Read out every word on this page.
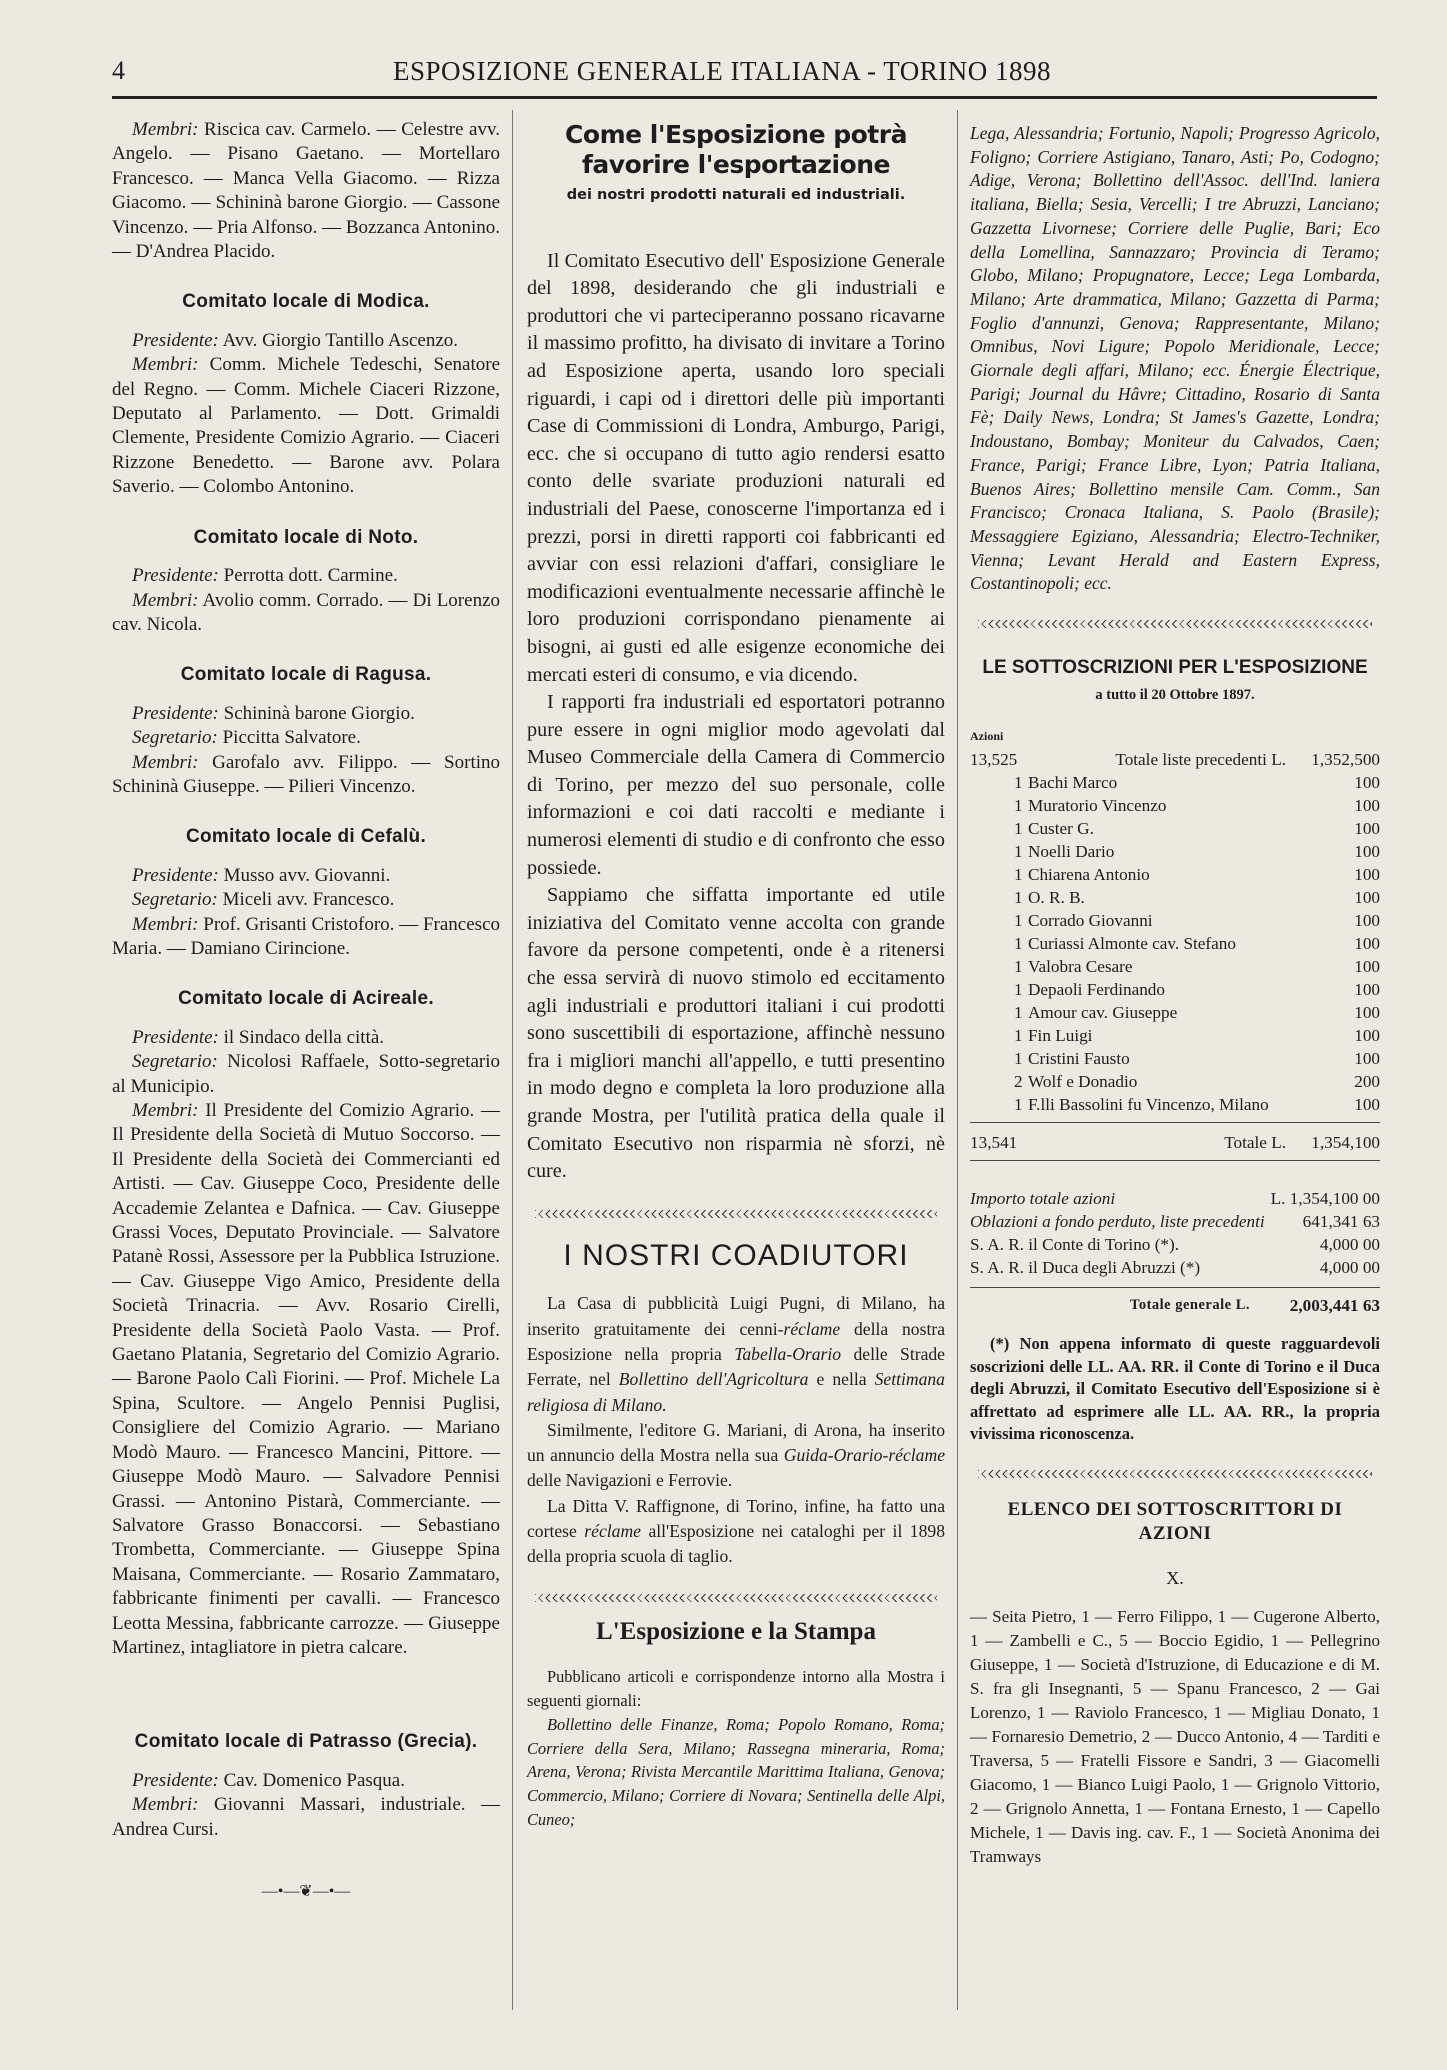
4	ESPOSIZIONE GENERALE ITALIANA - TORINO 1898

Membri: Riscica cav. Carmelo. — Celestre avv. Angelo. — Pisano Gaetano. — Mortellaro Francesco. — Manca Vella Giacomo. — Rizza Giacomo. — Schininà barone Giorgio. — Cassone Vincenzo. — Pria Alfonso. — Bozzanca Antonino. — D'Andrea Placido.

Comitato locale di Modica.

Presidente: Avv. Giorgio Tantillo Ascenzo.

Membri: Comm. Michele Tedeschi, Senatore del Regno. — Comm. Michele Ciaceri Rizzone, Deputato al Parlamento. — Dott. Grimaldi Clemente, Presidente Comizio Agrario. — Ciaceri Rizzone Benedetto. — Barone avv. Polara Saverio. — Colombo Antonino.

Comitato locale di Noto.

Presidente: Perrotta dott. Carmine.

Membri: Avolio comm. Corrado. — Di Lorenzo cav. Nicola.

Comitato locale di Ragusa.

Presidente: Schininà barone Giorgio.

Segretario: Piccitta Salvatore.

Membri: Garofalo avv. Filippo. — Sortino Schininà Giuseppe. — Pilieri Vincenzo.

Comitato locale di Cefalù.

Presidente: Musso avv. Giovanni.

Segretario: Miceli avv. Francesco.

Membri: Prof. Grisanti Cristoforo. — Francesco Maria. — Damiano Cirincione.

Comitato locale di Acireale.

Presidente: il Sindaco della città.

Segretario: Nicolosi Raffaele, Sotto-segretario al Municipio.

Membri: Il Presidente del Comizio Agrario. — Il Presidente della Società di Mutuo Soccorso. — Il Presidente della Società dei Commercianti ed Artisti. — Cav. Giuseppe Coco, Presidente delle Accademie Zelantea e Dafnica. — Cav. Giuseppe Grassi Voces, Deputato Provinciale. — Salvatore Patanè Rossi, Assessore per la Pubblica Istruzione. — Cav. Giuseppe Vigo Amico, Presidente della Società Trinacria. — Avv. Rosario Cirelli, Presidente della Società Paolo Vasta. — Prof. Gaetano Platania, Segretario del Comizio Agrario. — Barone Paolo Calì Fiorini. — Prof. Michele La Spina, Scultore. — Angelo Pennisi Puglisi, Consigliere del Comizio Agrario. — Mariano Modò Mauro. — Francesco Mancini, Pittore. — Giuseppe Modò Mauro. — Salvadore Pennisi Grassi. — Antonino Pistarà, Commerciante. — Salvatore Grasso Bonaccorsi. — Sebastiano Trombetta, Commerciante. — Giuseppe Spina Maisana, Commerciante. — Rosario Zammataro, fabbricante finimenti per cavalli. — Francesco Leotta Messina, fabbricante carrozze. — Giuseppe Martinez, intagliatore in pietra calcare.

Comitato locale di Patrasso (Grecia).

Presidente: Cav. Domenico Pasqua.

Membri: Giovanni Massari, industriale. — Andrea Cursi.

—•—❦—•—
Come l'Esposizione potrà favorire l'esportazione
dei nostri prodotti naturali ed industriali.

Il Comitato Esecutivo dell' Esposizione Generale del 1898, desiderando che gli industriali e produttori che vi parteciperanno possano ricavarne il massimo profitto, ha divisato di invitare a Torino ad Esposizione aperta, usando loro speciali riguardi, i capi od i direttori delle più importanti Case di Commissioni di Londra, Amburgo, Parigi, ecc. che si occupano di tutto agio rendersi esatto conto delle svariate produzioni naturali ed industriali del Paese, conoscerne l'importanza ed i prezzi, porsi in diretti rapporti coi fabbricanti ed avviar con essi relazioni d'affari, consigliare le modificazioni eventualmente necessarie affinchè le loro produzioni corrispondano pienamente ai bisogni, ai gusti ed alle esigenze economiche dei mercati esteri di consumo, e via dicendo.

I rapporti fra industriali ed esportatori potranno pure essere in ogni miglior modo agevolati dal Museo Commerciale della Camera di Commercio di Torino, per mezzo del suo personale, colle informazioni e coi dati raccolti e mediante i numerosi elementi di studio e di confronto che esso possiede.

Sappiamo che siffatta importante ed utile iniziativa del Comitato venne accolta con grande favore da persone competenti, onde è a ritenersi che essa servirà di nuovo stimolo ed eccitamento agli industriali e produttori italiani i cui prodotti sono suscettibili di esportazione, affinchè nessuno fra i migliori manchi all'appello, e tutti presentino in modo degno e completa la loro produzione alla grande Mostra, per l'utilità pratica della quale il Comitato Esecutivo non risparmia nè sforzi, nè cure.

I NOSTRI COADIUTORI

La Casa di pubblicità Luigi Pugni, di Milano, ha inserito gratuitamente dei cenni-réclame della nostra Esposizione nella propria Tabella-Orario delle Strade Ferrate, nel Bollettino dell'Agricoltura e nella Settimana religiosa di Milano.

Similmente, l'editore G. Mariani, di Arona, ha inserito un annuncio della Mostra nella sua Guida-Orario-réclame delle Navigazioni e Ferrovie.

La Ditta V. Raffignone, di Torino, infine, ha fatto una cortese réclame all'Esposizione nei cataloghi per il 1898 della propria scuola di taglio.

L'Esposizione e la Stampa

Pubblicano articoli e corrispondenze intorno alla Mostra i seguenti giornali:

Bollettino delle Finanze, Roma; Popolo Romano, Roma; Corriere della Sera, Milano; Rassegna mineraria, Roma; Arena, Verona; Rivista Mercantile Marittima Italiana, Genova; Commercio, Milano; Corriere di Novara; Sentinella delle Alpi, Cuneo;

Lega, Alessandria; Fortunio, Napoli; Progresso Agricolo, Foligno; Corriere Astigiano, Tanaro, Asti; Po, Codogno; Adige, Verona; Bollettino dell'Assoc. dell'Ind. laniera italiana, Biella; Sesia, Vercelli; I tre Abruzzi, Lanciano; Gazzetta Livornese; Corriere delle Puglie, Bari; Eco della Lomellina, Sannazzaro; Provincia di Teramo; Globo, Milano; Propugnatore, Lecce; Lega Lombarda, Milano; Arte drammatica, Milano; Gazzetta di Parma; Foglio d'annunzi, Genova; Rappresentante, Milano; Omnibus, Novi Ligure; Popolo Meridionale, Lecce; Giornale degli affari, Milano; ecc. Énergie Électrique, Parigi; Journal du Hâvre; Cittadino, Rosario di Santa Fè; Daily News, Londra; St James's Gazette, Londra; Indoustano, Bombay; Moniteur du Calvados, Caen; France, Parigi; France Libre, Lyon; Patria Italiana, Buenos Aires; Bollettino mensile Cam. Comm., San Francisco; Cronaca Italiana, S. Paolo (Brasile); Messaggiere Egiziano, Alessandria; Electro-Techniker, Vienna; Levant Herald and Eastern Express, Costantinopoli; ecc.

LE SOTTOSCRIZIONI PER L'ESPOSIZIONE
a tutto il 20 Ottobre 1897.
Azioni		
13,525	Totale liste precedenti L.	1,352,500
1	Bachi Marco	100
1	Muratorio Vincenzo	100
1	Custer G.	100
1	Noelli Dario	100
1	Chiarena Antonio	100
1	O. R. B.	100
1	Corrado Giovanni	100
1	Curiassi Almonte cav. Stefano	100
1	Valobra Cesare	100
1	Depaoli Ferdinando	100
1	Amour cav. Giuseppe	100
1	Fin Luigi	100
1	Cristini Fausto	100
2	Wolf e Donadio	200
1	F.lli Bassolini fu Vincenzo, Milano	100
13,541	Totale L.	1,354,100
Importo totale azioni	L. 1,354,100 00
Oblazioni a fondo perduto, liste precedenti	641,341 63
S. A. R. il Conte di Torino (*).	4,000 00
S. A. R. il Duca degli Abruzzi (*)	4,000 00
Totale generale L.	2,003,441 63

(*) Non appena informato di queste ragguardevoli soscrizioni delle LL. AA. RR. il Conte di Torino e il Duca degli Abruzzi, il Comitato Esecutivo dell'Esposizione si è affrettato ad esprimere alle LL. AA. RR., la propria vivissima riconoscenza.

ELENCO DEI SOTTOSCRITTORI DI AZIONI
X.

— Seita Pietro, 1 — Ferro Filippo, 1 — Cugerone Alberto, 1 — Zambelli e C., 5 — Boccio Egidio, 1 — Pellegrino Giuseppe, 1 — Società d'Istruzione, di Educazione e di M. S. fra gli Insegnanti, 5 — Spanu Francesco, 2 — Gai Lorenzo, 1 — Raviolo Francesco, 1 — Migliau Donato, 1 — Fornaresio Demetrio, 2 — Ducco Antonio, 4 — Tarditi e Traversa, 5 — Fratelli Fissore e Sandri, 3 — Giacomelli Giacomo, 1 — Bianco Luigi Paolo, 1 — Grignolo Vittorio, 2 — Grignolo Annetta, 1 — Fontana Ernesto, 1 — Capello Michele, 1 — Davis ing. cav. F., 1 — Società Anonima dei Tramways
